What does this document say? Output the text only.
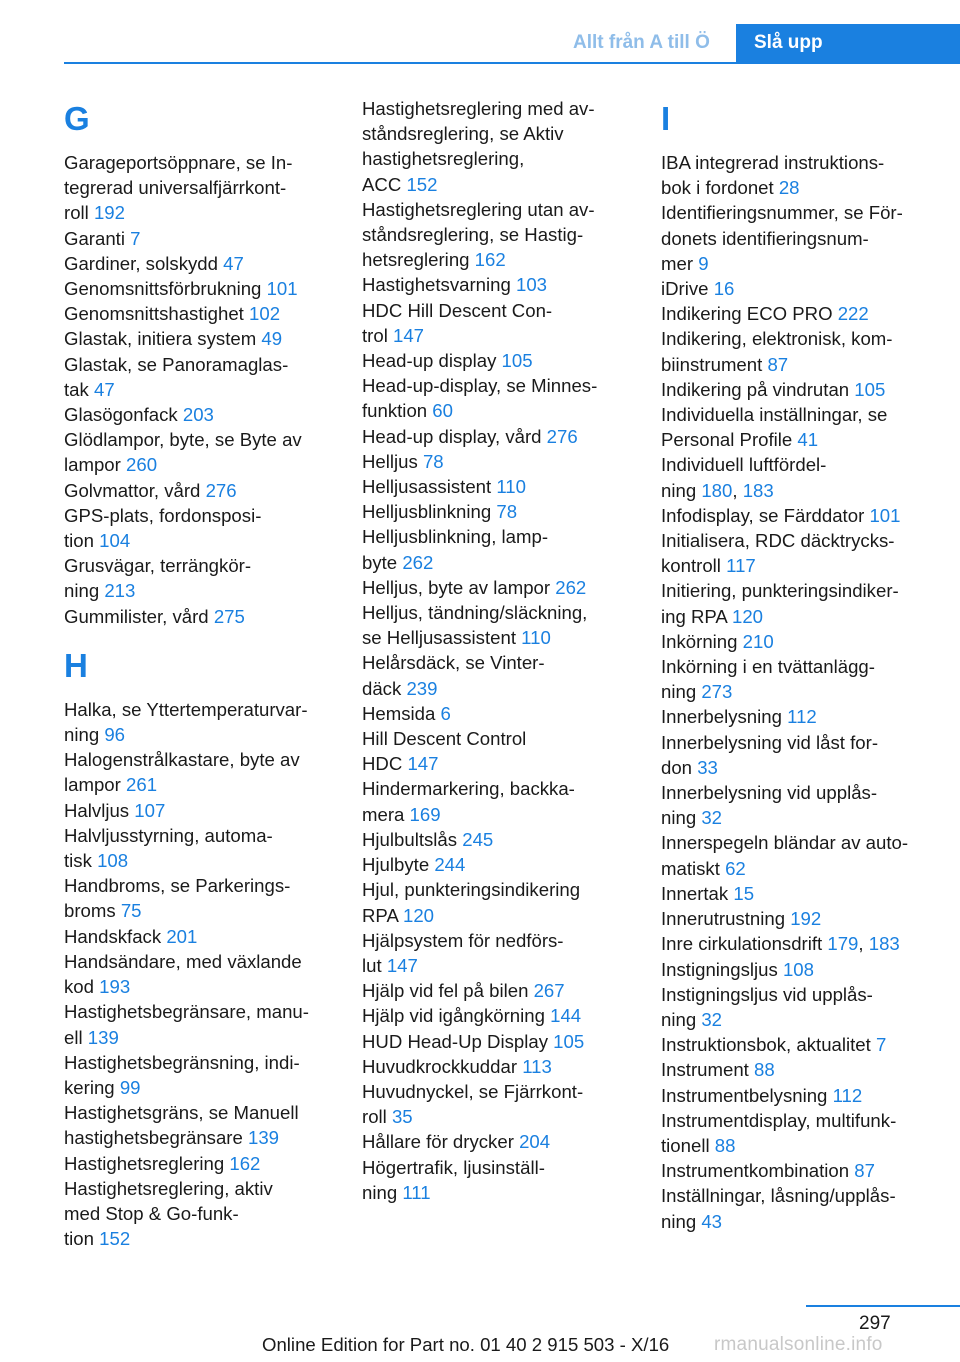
Allt från A till Ö	Slå upp
G
Garageportsöppnare, se In-
tegrerad universalfjärrkont-
roll 192
Garanti 7
Gardiner, solskydd 47
Genomsnittsförbrukning 101
Genomsnittshastighet 102
Glastak, initiera system 49
Glastak, se Panoramaglas-
tak 47
Glasögonfack 203
Glödlampor, byte, se Byte av
lampor 260
Golvmattor, vård 276
GPS-plats, fordonsposi-
tion 104
Grusvägar, terrängkör-
ning 213
Gummilister, vård 275
H
Halka, se Yttertemperaturvar-
ning 96
Halogenstrålkastare, byte av
lampor 261
Halvljus 107
Halvljusstyrning, automa-
tisk 108
Handbroms, se Parkerings-
broms 75
Handskfack 201
Handsändare, med växlande
kod 193
Hastighetsbegränsare, manu-
ell 139
Hastighetsbegränsning, indi-
kering 99
Hastighetsgräns, se Manuell
hastighetsbegränsare 139
Hastighetsreglering 162
Hastighetsreglering, aktiv
med Stop & Go-funk-
tion 152
Hastighetsreglering med av-
ståndsreglering, se Aktiv
hastighetsreglering,
ACC 152
Hastighetsreglering utan av-
ståndsreglering, se Hastig-
hetsreglering 162
Hastighetsvarning 103
HDC Hill Descent Con-
trol 147
Head-up display 105
Head-up-display, se Minnes-
funktion 60
Head-up display, vård 276
Helljus 78
Helljusassistent 110
Helljusblinkning 78
Helljusblinkning, lamp-
byte 262
Helljus, byte av lampor 262
Helljus, tändning/släckning,
se Helljusassistent 110
Helårsdäck, se Vinter-
däck 239
Hemsida 6
Hill Descent Control
HDC 147
Hindermarkering, backka-
mera 169
Hjulbultslås 245
Hjulbyte 244
Hjul, punkteringsindikering
RPA 120
Hjälpsystem för nedförs-
lut 147
Hjälp vid fel på bilen 267
Hjälp vid igångkörning 144
HUD Head-Up Display 105
Huvudkrockkuddar 113
Huvudnyckel, se Fjärrkont-
roll 35
Hållare för drycker 204
Högertrafik, ljusinställ-
ning 111
I
IBA integrerad instruktions-
bok i fordonet 28
Identifieringsnummer, se För-
donets identifieringsnum-
mer 9
iDrive 16
Indikering ECO PRO 222
Indikering, elektronisk, kom-
biinstrument 87
Indikering på vindrutan 105
Individuella inställningar, se
Personal Profile 41
Individuell luftfördel-
ning 180, 183
Infodisplay, se Färddator 101
Initialisera, RDC däcktrycks-
kontroll 117
Initiering, punkteringsindiker-
ing RPA 120
Inkörning 210
Inkörning i en tvättanlägg-
ning 273
Innerbelysning 112
Innerbelysning vid låst for-
don 33
Innerbelysning vid upplås-
ning 32
Innerspegeln bländar av auto-
matiskt 62
Innertak 15
Innerutrustning 192
Inre cirkulationsdrift 179, 183
Instigningsljus 108
Instigningsljus vid upplås-
ning 32
Instruktionsbok, aktualitet 7
Instrument 88
Instrumentbelysning 112
Instrumentdisplay, multifunk-
tionell 88
Instrumentkombination 87
Inställningar, låsning/upplås-
ning 43
297
Online Edition for Part no. 01 40 2 915 503 - X/16 rmanualsonline.info
